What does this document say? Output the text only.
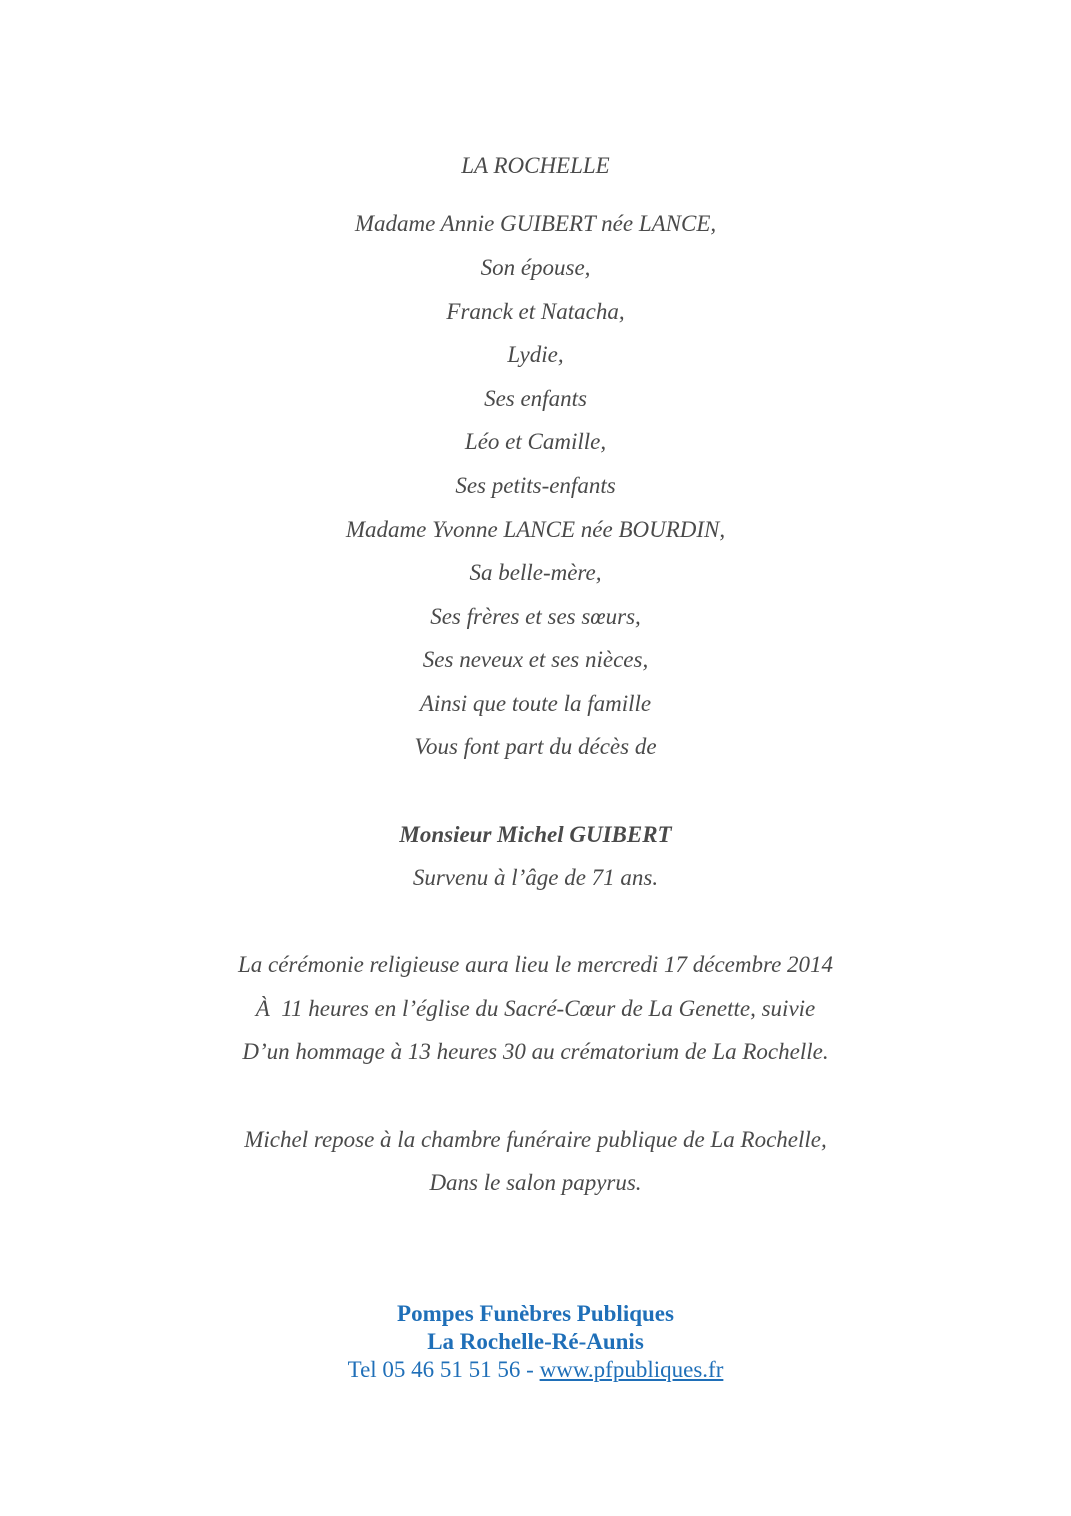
LA ROCHELLE
Madame Annie GUIBERT née LANCE,
Son épouse,
Franck et Natacha,
Lydie,
Ses enfants
Léo et Camille,
Ses petits-enfants
Madame Yvonne LANCE née BOURDIN,
Sa belle-mère,
Ses frères et ses sœurs,
Ses neveux et ses nièces,
Ainsi que toute la famille
Vous font part du décès de
Monsieur Michel GUIBERT
Survenu à l’âge de 71 ans.
La cérémonie religieuse aura lieu le mercredi 17 décembre 2014
À  11 heures en l’église du Sacré-Cœur de La Genette, suivie
D’un hommage à 13 heures 30 au crématorium de La Rochelle.
Michel repose à la chambre funéraire publique de La Rochelle,
Dans le salon papyrus.
Pompes Funèbres Publiques
La Rochelle-Ré-Aunis
Tel 05 46 51 51 56 - www.pfpubliques.fr
